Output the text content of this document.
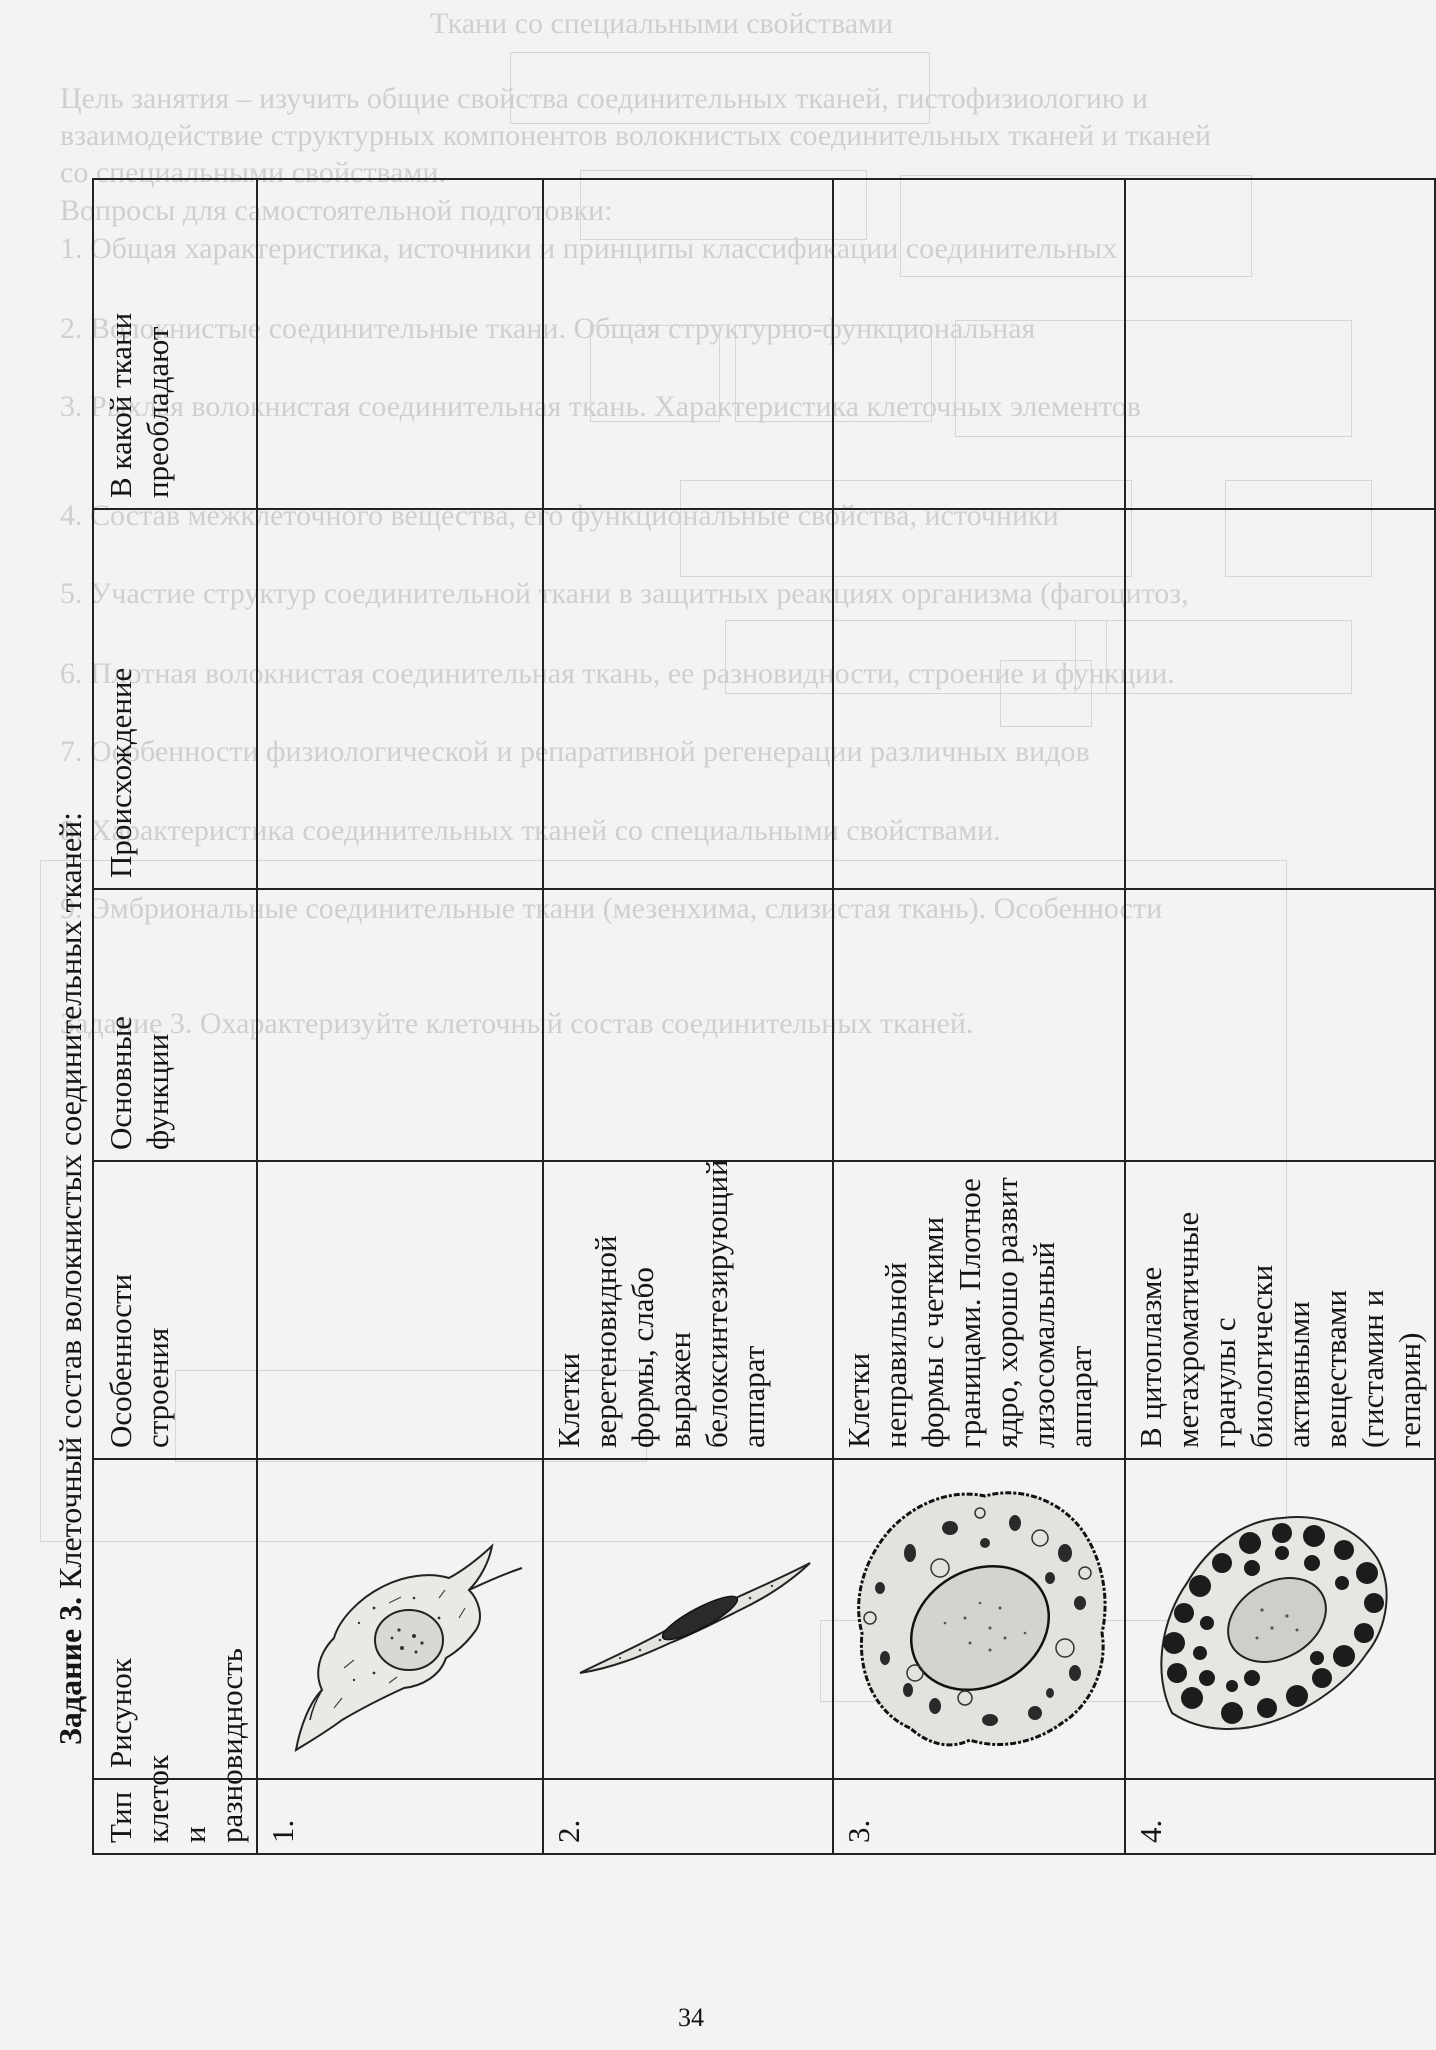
Ткани со специальными свойствами
Цель занятия – изучить общие свойства соединительных тканей, гистофизиологию и
взаимодействие структурных компонентов волокнистых соединительных тканей и тканей
со специальными свойствами.
Вопросы для самостоятельной подготовки:
1. Общая характеристика, источники и принципы классификации соединительных
2. Волокнистые соединительные ткани. Общая структурно-функциональная
3. Рыхлая волокнистая соединительная ткань. Характеристика клеточных элементов
4. Состав межклеточного вещества, его функциональные свойства, источники
5. Участие структур соединительной ткани в защитных реакциях организма (фагоцитоз,
6. Плотная волокнистая соединительная ткань, ее разновидности, строение и функции.
7. Особенности физиологической и репаративной регенерации различных видов
8. Характеристика соединительных тканей со специальными свойствами.
9. Эмбриональные соединительные ткани (мезенхима, слизистая ткань). Особенности
Задание 3. Охарактеризуйте клеточный состав соединительных тканей.
Задание 3. Клеточный состав волокнистых соединительных тканей:
Тип клеток и разновидность	Рисунок	Особенности строения	Основные функции	Происхождение	В какой ткани преобладают
1.	

2.		Клетки веретеновидной формы, слабо выражен белоксинтезирующий аппарат			
3.		Клетки неправильной формы с четкими границами. Плотное ядро, хорошо развит лизосомальный аппарат			
4.		В цитоплазме метахроматичные гранулы с биологически активными веществами (гистамин и гепарин)			
34
